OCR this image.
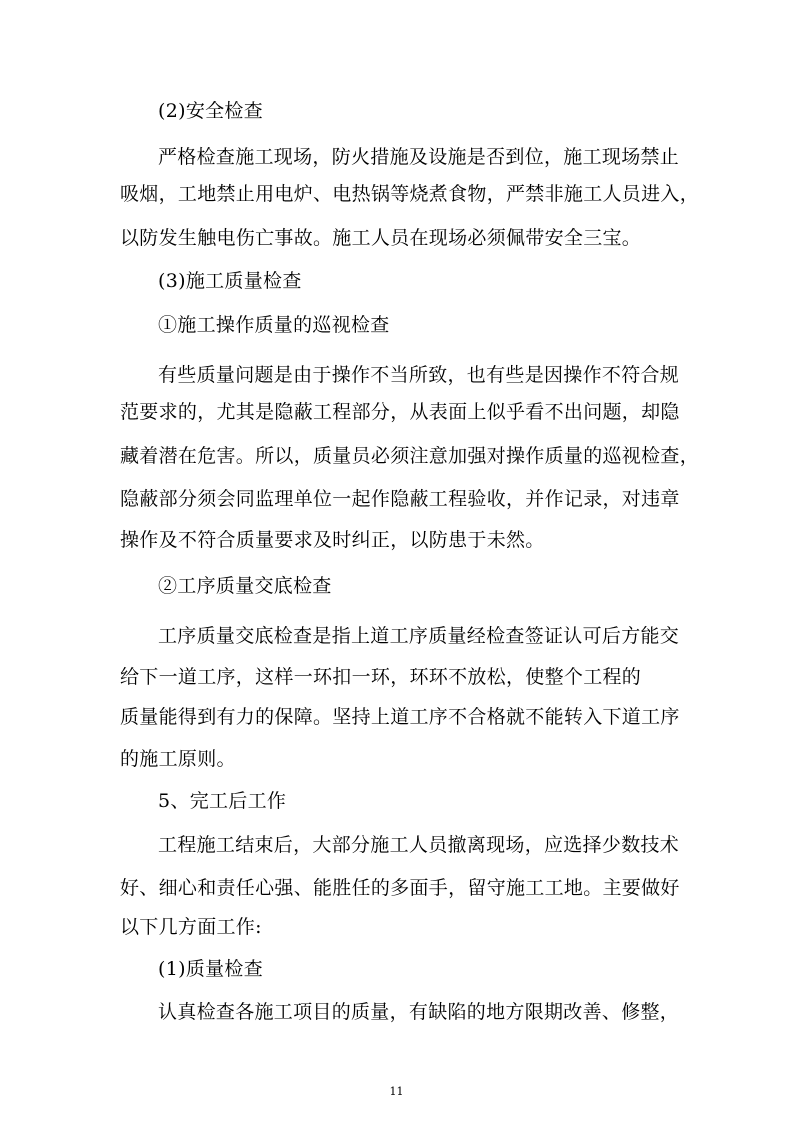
(2)安全检查
严格检查施工现场，防火措施及设施是否到位，施工现场禁止
吸烟，工地禁止用电炉、电热锅等烧煮食物，严禁非施工人员进入，
以防发生触电伤亡事故。施工人员在现场必须佩带安全三宝。
(3)施工质量检查
①施工操作质量的巡视检查
有些质量问题是由于操作不当所致，也有些是因操作不符合规
范要求的，尤其是隐蔽工程部分，从表面上似乎看不出问题，却隐
藏着潜在危害。所以，质量员必须注意加强对操作质量的巡视检查，
隐蔽部分须会同监理单位一起作隐蔽工程验收，并作记录，对违章
操作及不符合质量要求及时纠正，以防患于未然。
②工序质量交底检查
工序质量交底检查是指上道工序质量经检查签证认可后方能交
给下一道工序，这样一环扣一环，环环不放松，使整个工程的
质量能得到有力的保障。坚持上道工序不合格就不能转入下道工序
的施工原则。
5、完工后工作
工程施工结束后，大部分施工人员撤离现场，应选择少数技术
好、细心和责任心强、能胜任的多面手，留守施工工地。主要做好
以下几方面工作:
(1)质量检查
认真检查各施工项目的质量，有缺陷的地方限期改善、修整，
11
